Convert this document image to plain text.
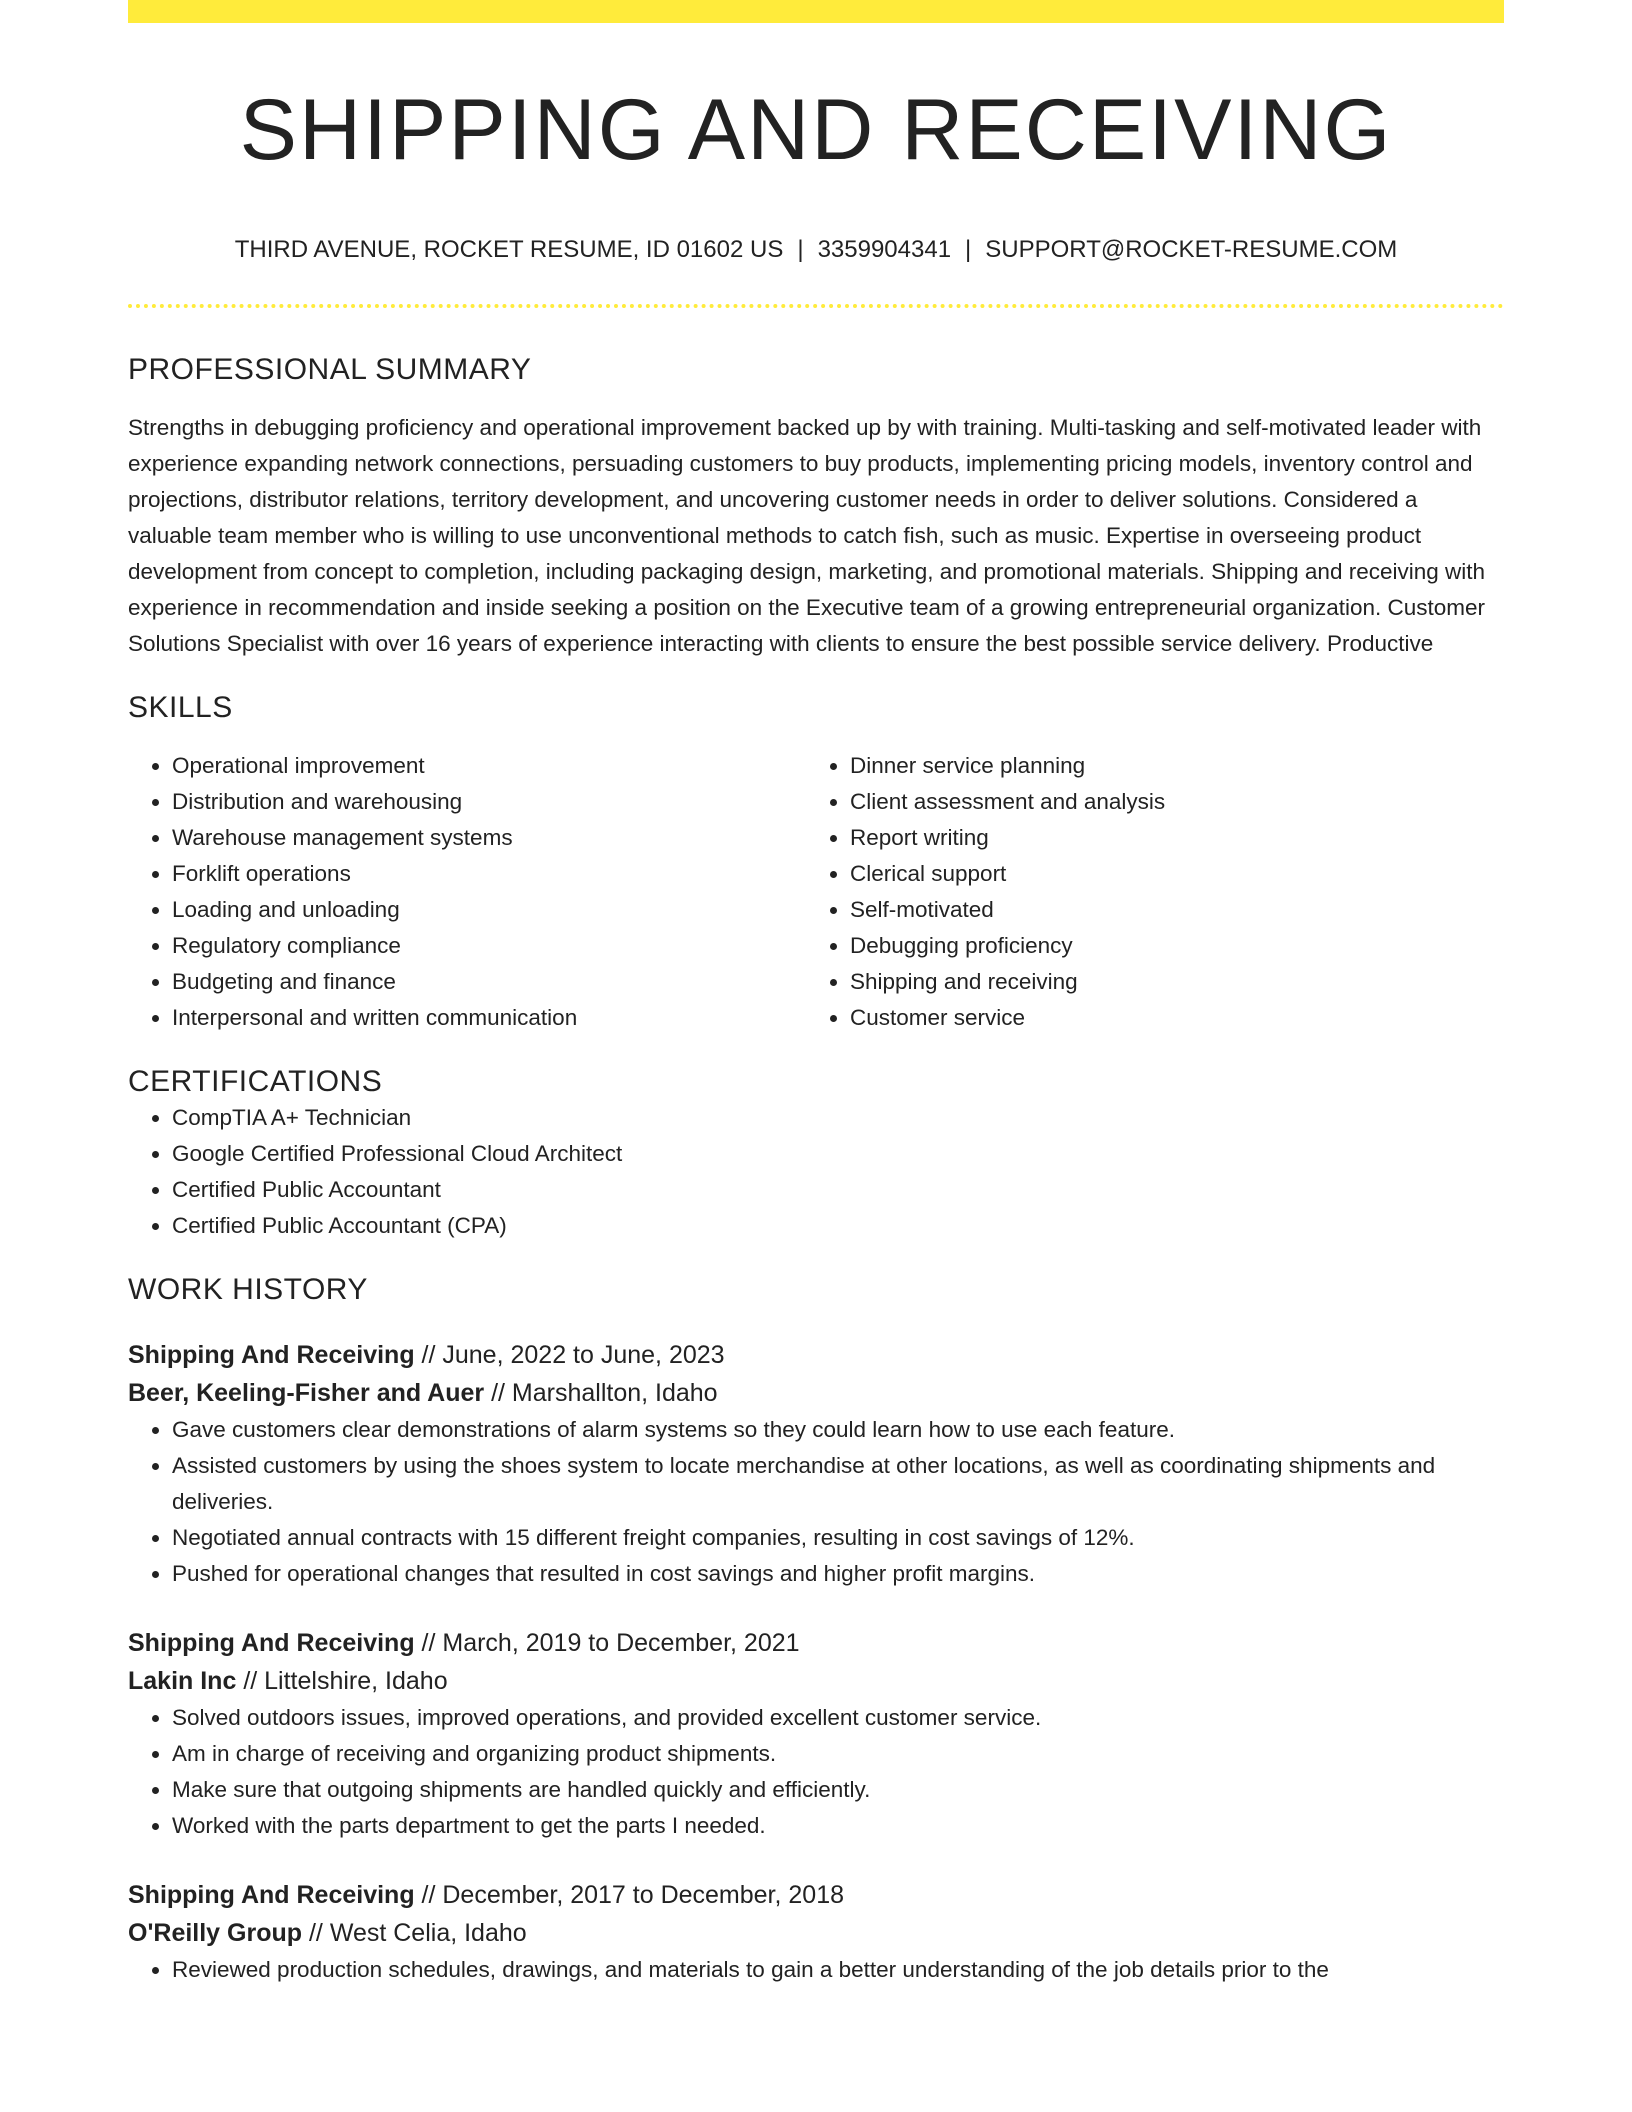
SHIPPING AND RECEIVING
THIRD AVENUE, ROCKET RESUME, ID 01602 US | 3359904341 | SUPPORT@ROCKET-RESUME.COM
PROFESSIONAL SUMMARY

Strengths in debugging proficiency and operational improvement backed up by with training. Multi-tasking and self-motivated leader with experience expanding network connections, persuading customers to buy products, implementing pricing models, inventory control and projections, distributor relations, territory development, and uncovering customer needs in order to deliver solutions. Considered a valuable team member who is willing to use unconventional methods to catch fish, such as music. Expertise in overseeing product development from concept to completion, including packaging design, marketing, and promotional materials. Shipping and receiving with experience in recommendation and inside seeking a position on the Executive team of a growing entrepreneurial organization. Customer Solutions Specialist with over 16 years of experience interacting with clients to ensure the best possible service delivery. Productive

SKILLS
• Operational improvement
• Distribution and warehousing
• Warehouse management systems
• Forklift operations
• Loading and unloading
• Regulatory compliance
• Budgeting and finance
• Interpersonal and written communication
• Dinner service planning
• Client assessment and analysis
• Report writing
• Clerical support
• Self-motivated
• Debugging proficiency
• Shipping and receiving
• Customer service
CERTIFICATIONS
• CompTIA A+ Technician
• Google Certified Professional Cloud Architect
• Certified Public Accountant
• Certified Public Accountant (CPA)
WORK HISTORY
Shipping And Receiving // June, 2022 to June, 2023
Beer, Keeling-Fisher and Auer // Marshallton, Idaho
• Gave customers clear demonstrations of alarm systems so they could learn how to use each feature.
• Assisted customers by using the shoes system to locate merchandise at other locations, as well as coordinating shipments and deliveries.
• Negotiated annual contracts with 15 different freight companies, resulting in cost savings of 12%.
• Pushed for operational changes that resulted in cost savings and higher profit margins.
Shipping And Receiving // March, 2019 to December, 2021
Lakin Inc // Littelshire, Idaho
• Solved outdoors issues, improved operations, and provided excellent customer service.
• Am in charge of receiving and organizing product shipments.
• Make sure that outgoing shipments are handled quickly and efficiently.
• Worked with the parts department to get the parts I needed.
Shipping And Receiving // December, 2017 to December, 2018
O'Reilly Group // West Celia, Idaho
• Reviewed production schedules, drawings, and materials to gain a better understanding of the job details prior to the
